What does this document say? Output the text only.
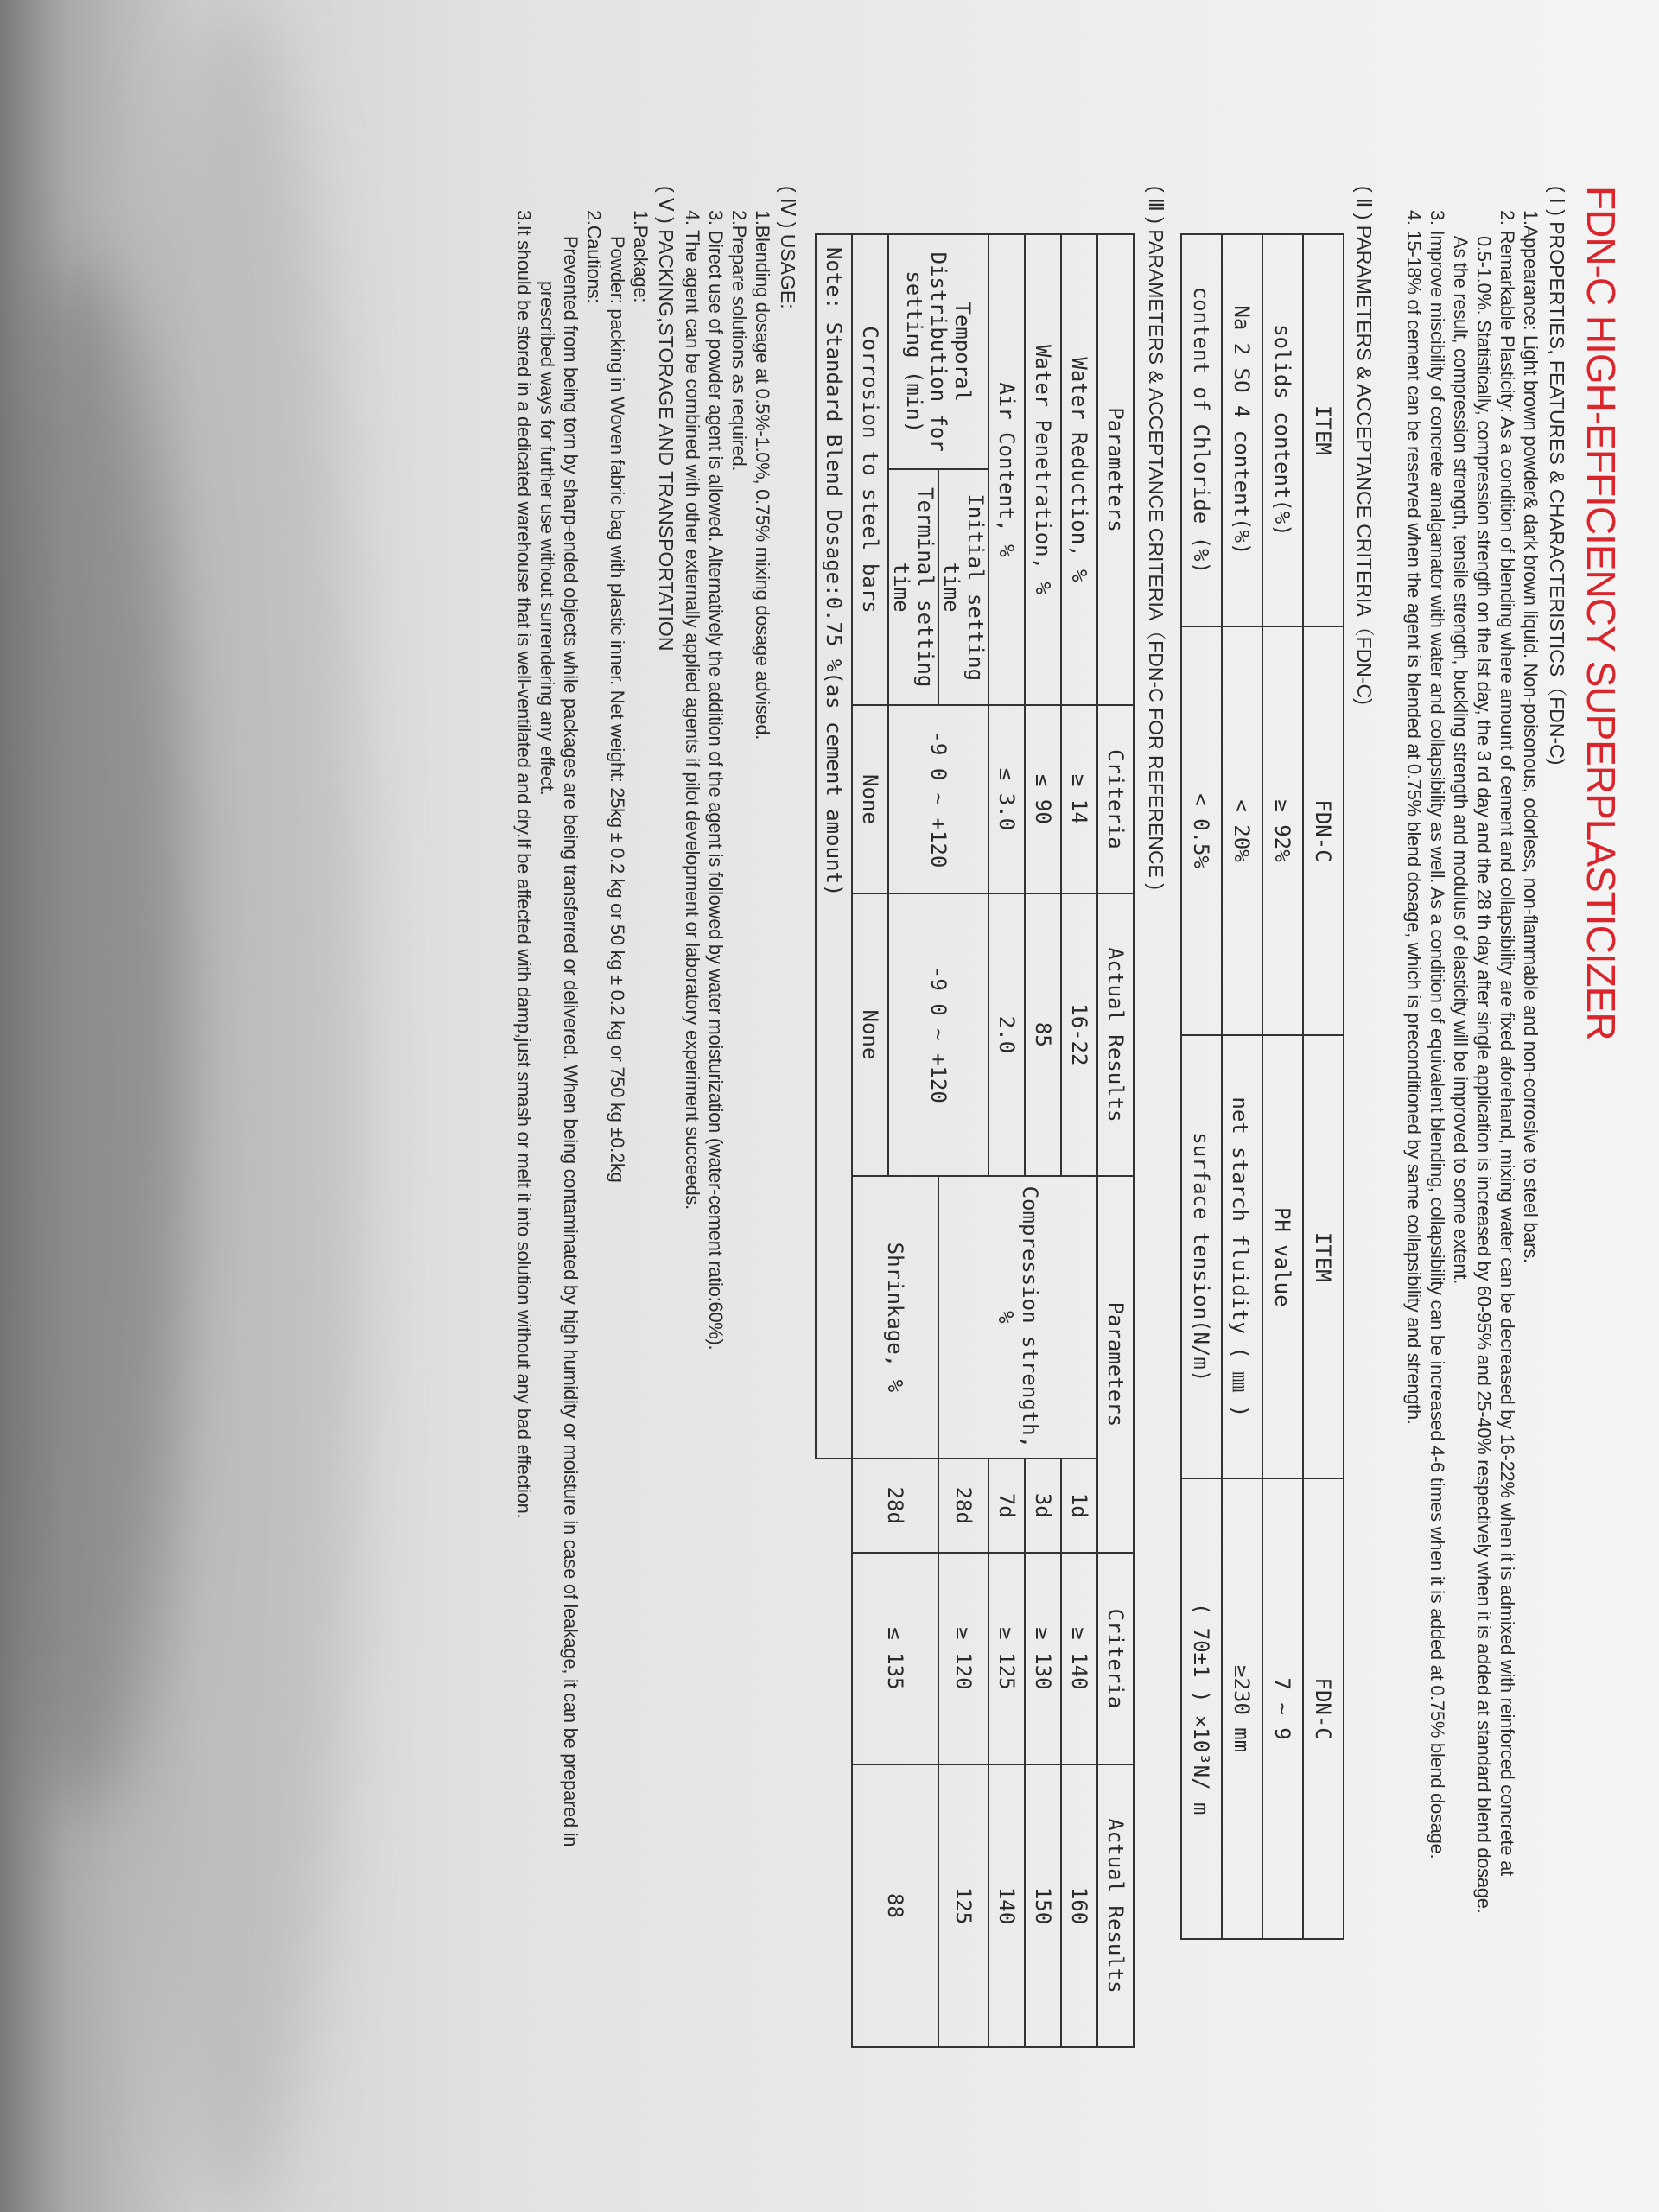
FDN-C HIGH-EFFICIENCY SUPERPLASTICIZER
( Ⅰ ) PROPERTIES, FEATURES & CHARACTERISTICS（FDN-C)
1.Appearance: Light brown powder& dark brown liquid. Non-poisonous, odorless, non-flammable and non-corrosive to steel bars.
2. Remarkable Plasticity: As a condition of blending where amount of cement and collapsibility are fixed aforehand, mixing water can be decreased by 16-22% when it is admixed with reinforced concrete at
0.5-1.0%. Statistically, compression strength on the lst day, the 3 rd day and the 28 th day after single application is increased by 60-95% and 25-40% respectively when it is added at standard blend dosage.
As the result, compression strength, tensile strength, buckling strength and modulus of elasticity will be improved to some extent.
3. Improve miscibility of concrete amalgamator with water and collapsibility as well. As a condition of equivalent blending, collapsibility can be increased 4-6 times when it is added at 0.75% blend dosage.
4. 15-18% of cement can be reserved when the agent is blended at 0.75% blend dosage, which is preconditioned by same collapsibility and strength.
( Ⅱ ) PARAMETERS & ACCEPTANCE CRITERIA（FDN-C)
ITEM	FDN-C	ITEM	FDN-C
solids content(%)	≥ 92%	PH value	7 ~ 9
Na 2 SO 4 content(%)	< 20%	net starch fluidity ( ㎜ )	≥230 mm
content of Chloride (%)	< 0.5%	surface tension(N/m)	( 70±1 ) ×10³N/ m
( Ⅲ ) PARAMETERS & ACCEPTANCE CRITERIA（FDN-C FOR REFERENCE )
Parameters		Criteria	Actual Results	Parameters		Criteria	Actual Results
Water Reduction, %		≥ 14	16-22	Compression strength, %	1d	≥ 140	160
Water Penetration, %		≤ 90	85		3d	≥ 130	150
Air Content, %		≤ 3.0	2.0		7d	≥ 125	140
Temporal Distribution for setting (min)	Initial setting time	-9 0 ~ +120	-9 0 ~ +120		28d	≥ 120	125
	Terminal setting time			Shrinkage, %	28d	≤ 135	88
Corrosion to steel bars		None	None				
Note: Standard Blend Dosage:0.75 %(as cement amount)							
( Ⅳ ) USAGE:
1.Blending dosage at 0.5%-1.0%, 0.75% mixing dosage advised.
2.Prepare solutions as required.
3. Direct use of powder agent is allowed. Alternatively the addition of the agent is followed by water moisturization (water-cement ratio:60%).
4. The agent can be combined with other externally applied agents if pilot development or laboratory experiment succeeds.
( Ⅴ ) PACKING,STORAGE AND TRANSPORTATION
1.Package:
Powder: packing in Woven fabric bag with plastic inner. Net weight: 25kg ± 0.2 kg or 50 kg ± 0.2 kg or 750 kg ±0.2kg
2.Cautions:
Prevented from being torn by sharp-ended objects while packages are being transferred or delivered. When being contaminated by high humidity or moisture in case of leakage, it can be prepared in
prescribed ways for further use without surrendering any effect.
3.It should be stored in a dedicated warehouse that is well-ventilated and dry.If be affected with damp,just smash or melt it into solution without any bad effection.
